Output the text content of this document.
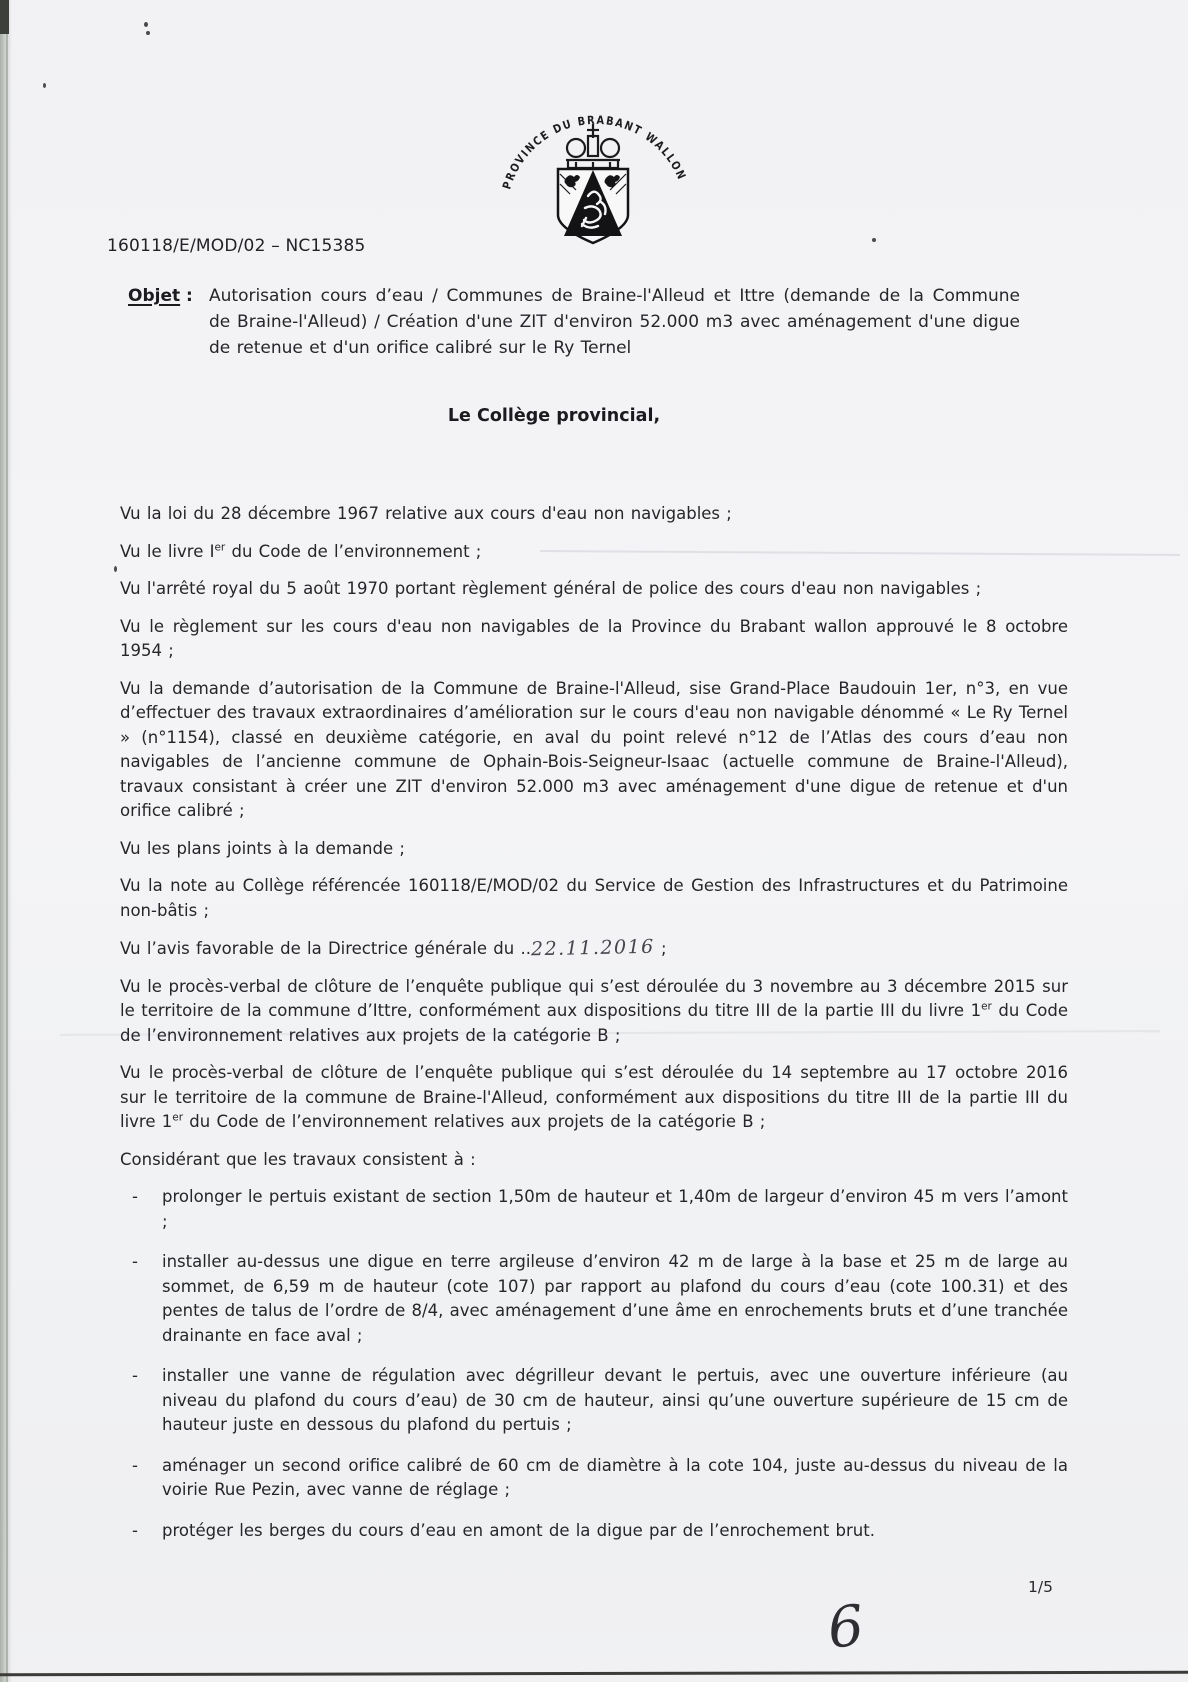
PROVINCE DU BRABANT WALLON
160118/E/MOD/02 – NC15385
Objet : Autorisation cours d’eau / Communes de Braine-l'Alleud et Ittre (demande de la Commune de Braine-l'Alleud) / Création d'une ZIT d'environ 52.000 m3 avec aménagement d'une digue de retenue et d'un orifice calibré sur le Ry Ternel
Le Collège provincial,

Vu la loi du 28 décembre 1967 relative aux cours d'eau non navigables ;

Vu le livre Ier du Code de l’environnement ;

Vu l'arrêté royal du 5 août 1970 portant règlement général de police des cours d'eau non navigables ;

Vu le règlement sur les cours d'eau non navigables de la Province du Brabant wallon approuvé le 8 octobre 1954 ;

Vu la demande d’autorisation de la Commune de Braine-l'Alleud, sise Grand-Place Baudouin 1er, n°3, en vue d’effectuer des travaux extraordinaires d’amélioration sur le cours d'eau non navigable dénommé « Le Ry Ternel » (n°1154), classé en deuxième catégorie, en aval du point relevé n°12 de l’Atlas des cours d’eau non navigables de l’ancienne commune de Ophain-Bois-Seigneur-Isaac (actuelle commune de Braine-l'Alleud), travaux consistant à créer une ZIT d'environ 52.000 m3 avec aménagement d'une digue de retenue et d'un orifice calibré ;

Vu les plans joints à la demande ;

Vu la note au Collège référencée 160118/E/MOD/02 du Service de Gestion des Infrastructures et du Patrimoine non-bâtis ;

Vu l’avis favorable de la Directrice générale du ..22.11.2016 ;

Vu le procès-verbal de clôture de l’enquête publique qui s’est déroulée du 3 novembre au 3 décembre 2015 sur le territoire de la commune d’Ittre, conformément aux dispositions du titre III de la partie III du livre 1er du Code de l’environnement relatives aux projets de la catégorie B ;

Vu le procès-verbal de clôture de l’enquête publique qui s’est déroulée du 14 septembre au 17 octobre 2016 sur le territoire de la commune de Braine-l'Alleud, conformément aux dispositions du titre III de la partie III du livre 1er du Code de l’environnement relatives aux projets de la catégorie B ;

Considérant que les travaux consistent à :

-	prolonger le pertuis existant de section 1,50m de hauteur et 1,40m de largeur d’environ 45 m vers l’amont ;
-	installer au-dessus une digue en terre argileuse d’environ 42 m de large à la base et 25 m de large au sommet, de 6,59 m de hauteur (cote 107) par rapport au plafond du cours d’eau (cote 100.31) et des pentes de talus de l’ordre de 8/4, avec aménagement d’une âme en enrochements bruts et d’une tranchée drainante en face aval ;
-	installer une vanne de régulation avec dégrilleur devant le pertuis, avec une ouverture inférieure (au niveau du plafond du cours d’eau) de 30 cm de hauteur, ainsi qu’une ouverture supérieure de 15 cm de hauteur juste en dessous du plafond du pertuis ;
-	aménager un second orifice calibré de 60 cm de diamètre à la cote 104, juste au-dessus du niveau de la voirie Rue Pezin, avec vanne de réglage ;
-	protéger les berges du cours d’eau en amont de la digue par de l’enrochement brut.
1/5
6
